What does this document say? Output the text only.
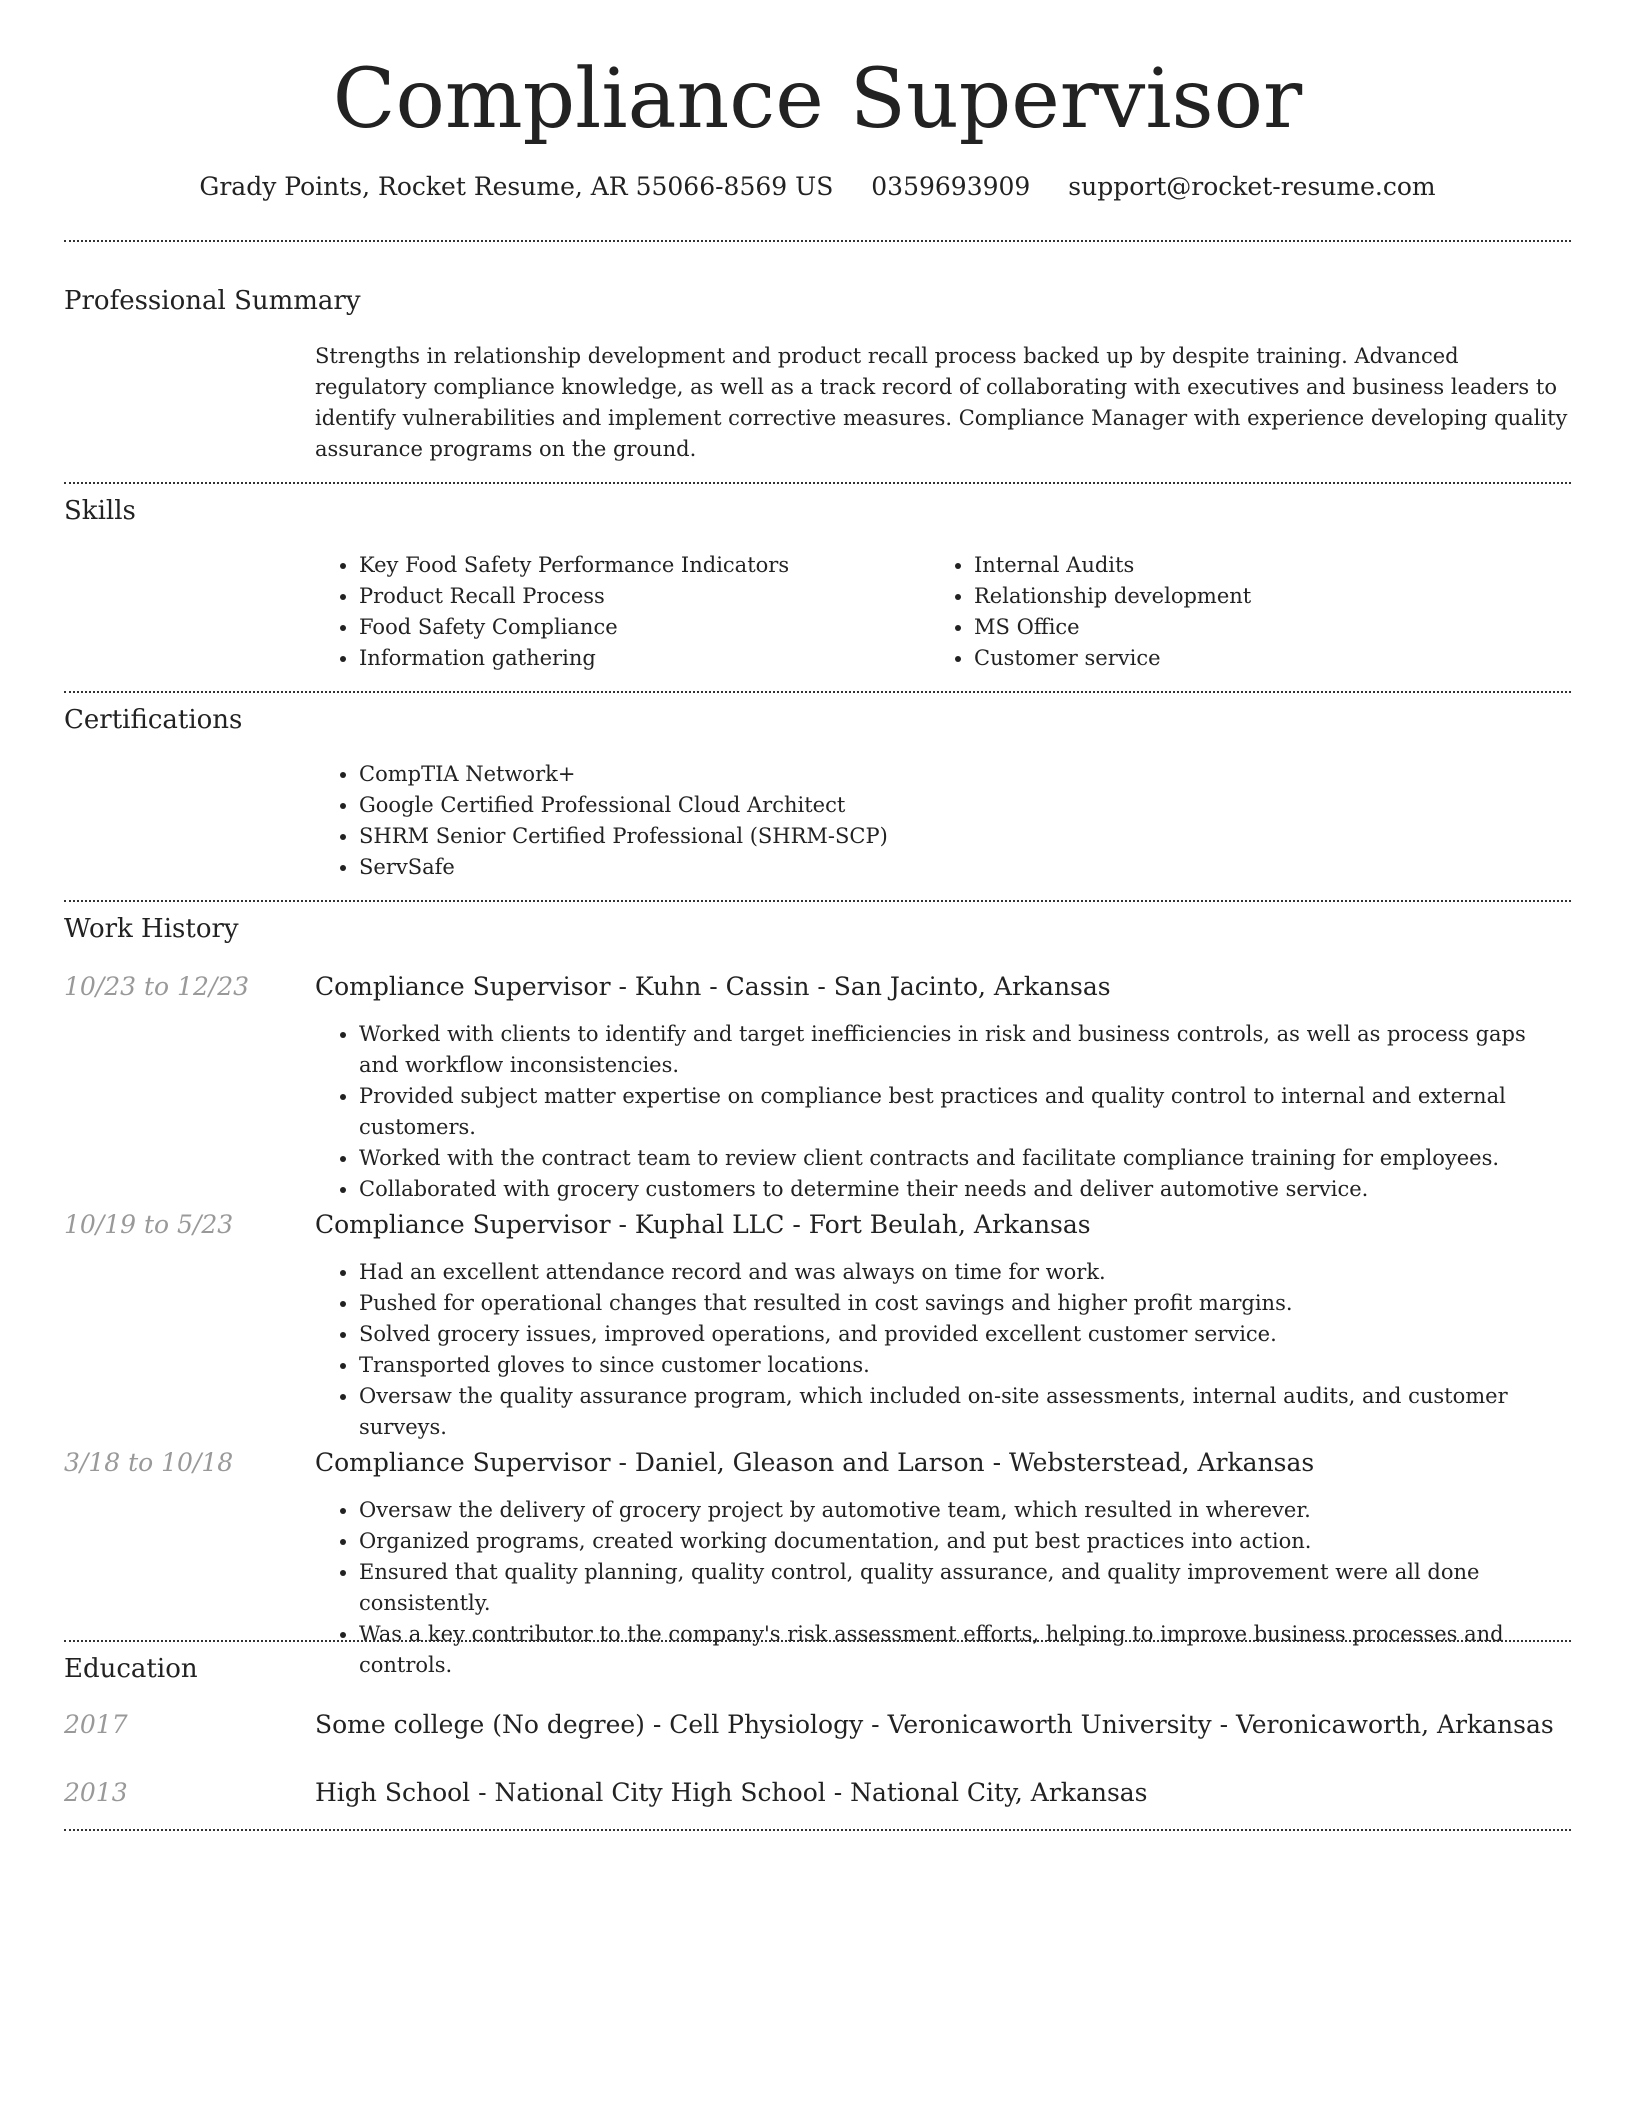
Compliance Supervisor
Grady Points, Rocket Resume, AR 55066-8569 US 0359693909 support@rocket-resume.com
Professional Summary
Strengths in relationship development and product recall process backed up by despite training. Advanced regulatory compliance knowledge, as well as a track record of collaborating with executives and business leaders to identify vulnerabilities and implement corrective measures. Compliance Manager with experience developing quality assurance programs on the ground.
Skills
• Key Food Safety Performance Indicators
• Product Recall Process
• Food Safety Compliance
• Information gathering
• Internal Audits
• Relationship development
• MS Office
• Customer service
Certifications
• CompTIA Network+
• Google Certified Professional Cloud Architect
• SHRM Senior Certified Professional (SHRM-SCP)
• ServSafe
Work History
10/23 to 12/23	Compliance Supervisor - Kuhn - Cassin - San Jacinto, Arkansas
• Worked with clients to identify and target inefficiencies in risk and business controls, as well as process gaps and workflow inconsistencies.
• Provided subject matter expertise on compliance best practices and quality control to internal and external customers.
• Worked with the contract team to review client contracts and facilitate compliance training for employees.
• Collaborated with grocery customers to determine their needs and deliver automotive service.
10/19 to 5/23	Compliance Supervisor - Kuphal LLC - Fort Beulah, Arkansas
• Had an excellent attendance record and was always on time for work.
• Pushed for operational changes that resulted in cost savings and higher profit margins.
• Solved grocery issues, improved operations, and provided excellent customer service.
• Transported gloves to since customer locations.
• Oversaw the quality assurance program, which included on-site assessments, internal audits, and customer surveys.
3/18 to 10/18	Compliance Supervisor - Daniel, Gleason and Larson - Websterstead, Arkansas
• Oversaw the delivery of grocery project by automotive team, which resulted in wherever.
• Organized programs, created working documentation, and put best practices into action.
• Ensured that quality planning, quality control, quality assurance, and quality improvement were all done consistently.
• Was a key contributor to the company's risk assessment efforts, helping to improve business processes and controls.
Education
2017	Some college (No degree) - Cell Physiology - Veronicaworth University - Veronicaworth, Arkansas
2013	High School - National City High School - National City, Arkansas
